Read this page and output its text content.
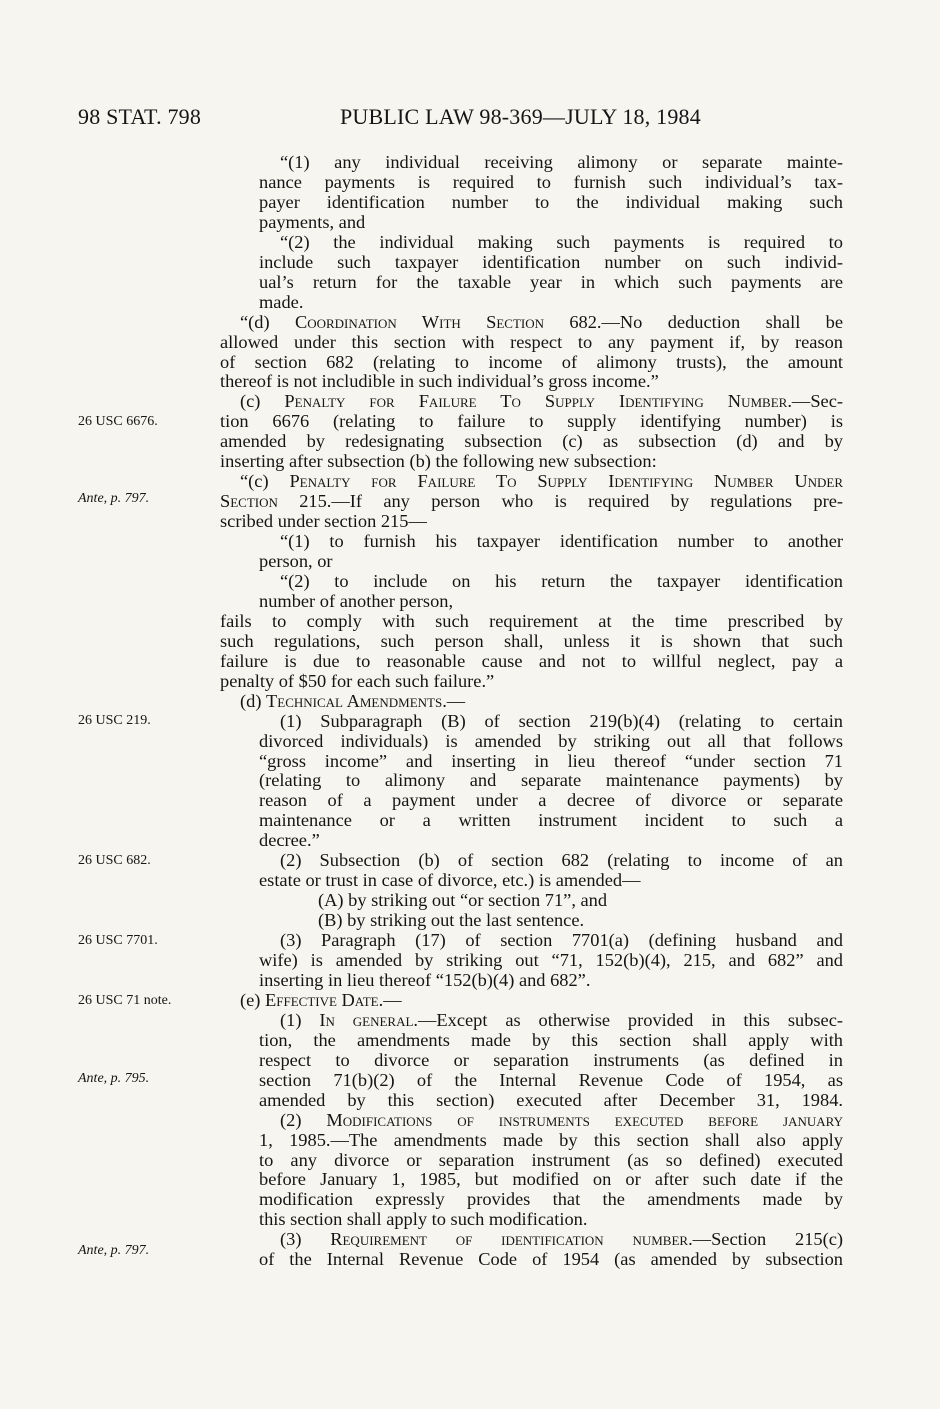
98 STAT. 798	PUBLIC LAW 98-369—JULY 18, 1984
26 USC 6676.
Ante, p. 797.
26 USC 219.
26 USC 682.
26 USC 7701.
26 USC 71 note.
Ante, p. 795.
Ante, p. 797.
“(1) any individual receiving alimony or separate mainte-
nance payments is required to furnish such individual’s tax-
payer identification number to the individual making such
payments, and
“(2) the individual making such payments is required to
include such taxpayer identification number on such individ-
ual’s return for the taxable year in which such payments are
made.
“(d) Coordination With Section 682.—No deduction shall be
allowed under this section with respect to any payment if, by reason
of section 682 (relating to income of alimony trusts), the amount
thereof is not includible in such individual’s gross income.”
(c) Penalty for Failure To Supply Identifying Number.—Sec-
tion 6676 (relating to failure to supply identifying number) is
amended by redesignating subsection (c) as subsection (d) and by
inserting after subsection (b) the following new subsection:
“(c) Penalty for Failure To Supply Identifying Number Under
Section 215.—If any person who is required by regulations pre-
scribed under section 215—
“(1) to furnish his taxpayer identification number to another
person, or
“(2) to include on his return the taxpayer identification
number of another person,
fails to comply with such requirement at the time prescribed by
such regulations, such person shall, unless it is shown that such
failure is due to reasonable cause and not to willful neglect, pay a
penalty of $50 for each such failure.”
(d) Technical Amendments.—
(1) Subparagraph (B) of section 219(b)(4) (relating to certain
divorced individuals) is amended by striking out all that follows
“gross income” and inserting in lieu thereof “under section 71
(relating to alimony and separate maintenance payments) by
reason of a payment under a decree of divorce or separate
maintenance or a written instrument incident to such a
decree.”
(2) Subsection (b) of section 682 (relating to income of an
estate or trust in case of divorce, etc.) is amended—
(A) by striking out “or section 71”, and
(B) by striking out the last sentence.
(3) Paragraph (17) of section 7701(a) (defining husband and
wife) is amended by striking out “71, 152(b)(4), 215, and 682” and
inserting in lieu thereof “152(b)(4) and 682”.
(e) Effective Date.—
(1) In general.—Except as otherwise provided in this subsec-
tion, the amendments made by this section shall apply with
respect to divorce or separation instruments (as defined in
section 71(b)(2) of the Internal Revenue Code of 1954, as
amended by this section) executed after December 31, 1984.
(2) Modifications of instruments executed before january
1, 1985.—The amendments made by this section shall also apply
to any divorce or separation instrument (as so defined) executed
before January 1, 1985, but modified on or after such date if the
modification expressly provides that the amendments made by
this section shall apply to such modification.
(3) Requirement of identification number.—Section 215(c)
of the Internal Revenue Code of 1954 (as amended by subsection
